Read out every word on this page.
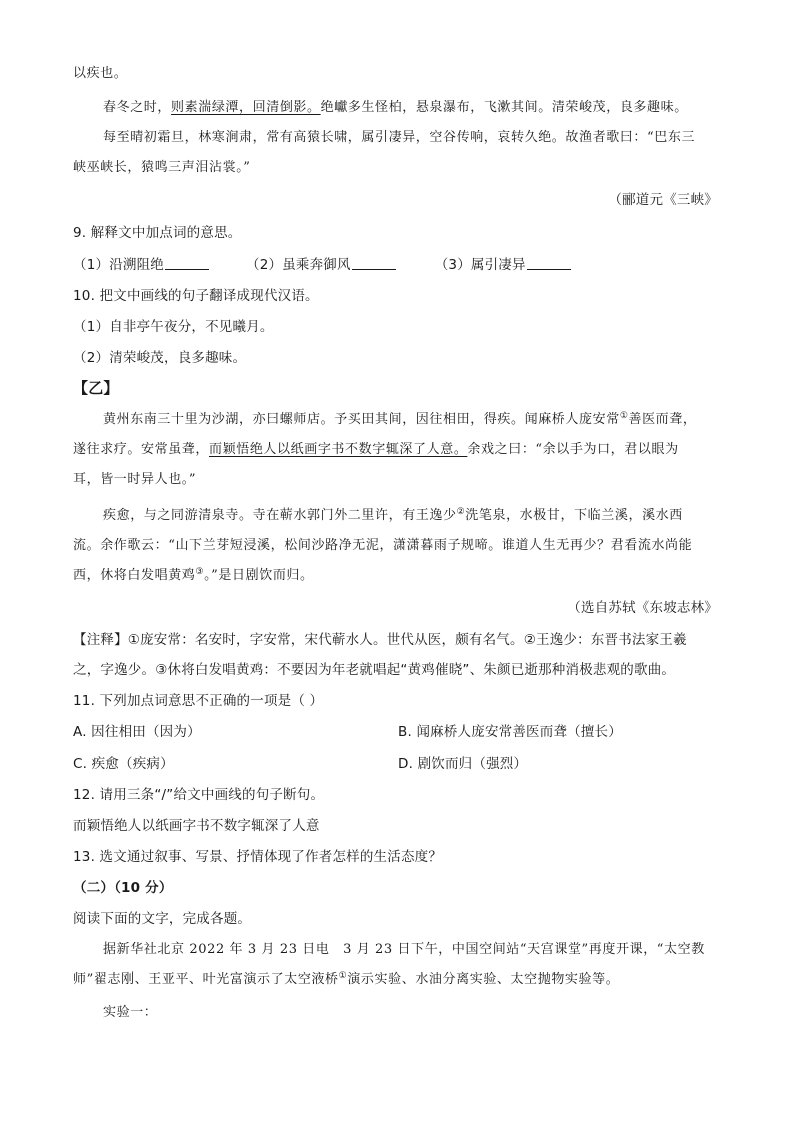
以疾也。
春冬之时，则素湍绿潭，回清倒影。绝巘多生怪柏，悬泉瀑布，飞漱其间。清荣峻茂，良多趣味。
每至晴初霜旦，林寒涧肃，常有高猿长啸，属引凄异，空谷传响，哀转久绝。故渔者歌曰：“巴东三
峡巫峡长，猿鸣三声泪沾裳。”
（郦道元《三峡》
9. 解释文中加点词的意思。
（1）沿溯阻绝	（2）虽乘奔御风	（3）属引凄异
10. 把文中画线的句子翻译成现代汉语。
（1）自非亭午夜分，不见曦月。
（2）清荣峻茂，良多趣味。
【乙】
黄州东南三十里为沙湖，亦曰螺师店。予买田其间，因往相田，得疾。闻麻桥人庞安常①善医而聋，
遂往求疗。安常虽聋，而颖悟绝人以纸画字书不数字辄深了人意。余戏之曰：“余以手为口，君以眼为
耳，皆一时异人也。”
疾愈，与之同游清泉寺。寺在蕲水郭门外二里许，有王逸少②洗笔泉，水极甘，下临兰溪，溪水西
流。余作歌云：“山下兰芽短浸溪，松间沙路净无泥，潇潇暮雨子规啼。谁道人生无再少？君看流水尚能
西，休将白发唱黄鸡③。”是日剧饮而归。
（选自苏轼《东坡志林》
【注释】①庞安常：名安时，字安常，宋代蕲水人。世代从医，颇有名气。②王逸少：东晋书法家王羲
之，字逸少。③休将白发唱黄鸡：不要因为年老就唱起“黄鸡催晓”、朱颜已逝那种消极悲观的歌曲。
11. 下列加点词意思不正确的一项是（ ）
A. 因往相田（因为）	B. 闻麻桥人庞安常善医而聋（擅长）
C. 疾愈（疾病）	D. 剧饮而归（强烈）
12. 请用三条“/”给文中画线的句子断句。
而颖悟绝人以纸画字书不数字辄深了人意
13. 选文通过叙事、写景、抒情体现了作者怎样的生活态度？
（二）（10 分）
阅读下面的文字，完成各题。
据新华社北京 2022 年 3 月 23 日电　3 月 23 日下午，中国空间站“天宫课堂”再度开课，“太空教
师”翟志刚、王亚平、叶光富演示了太空液桥①演示实验、水油分离实验、太空抛物实验等。
实验一：
